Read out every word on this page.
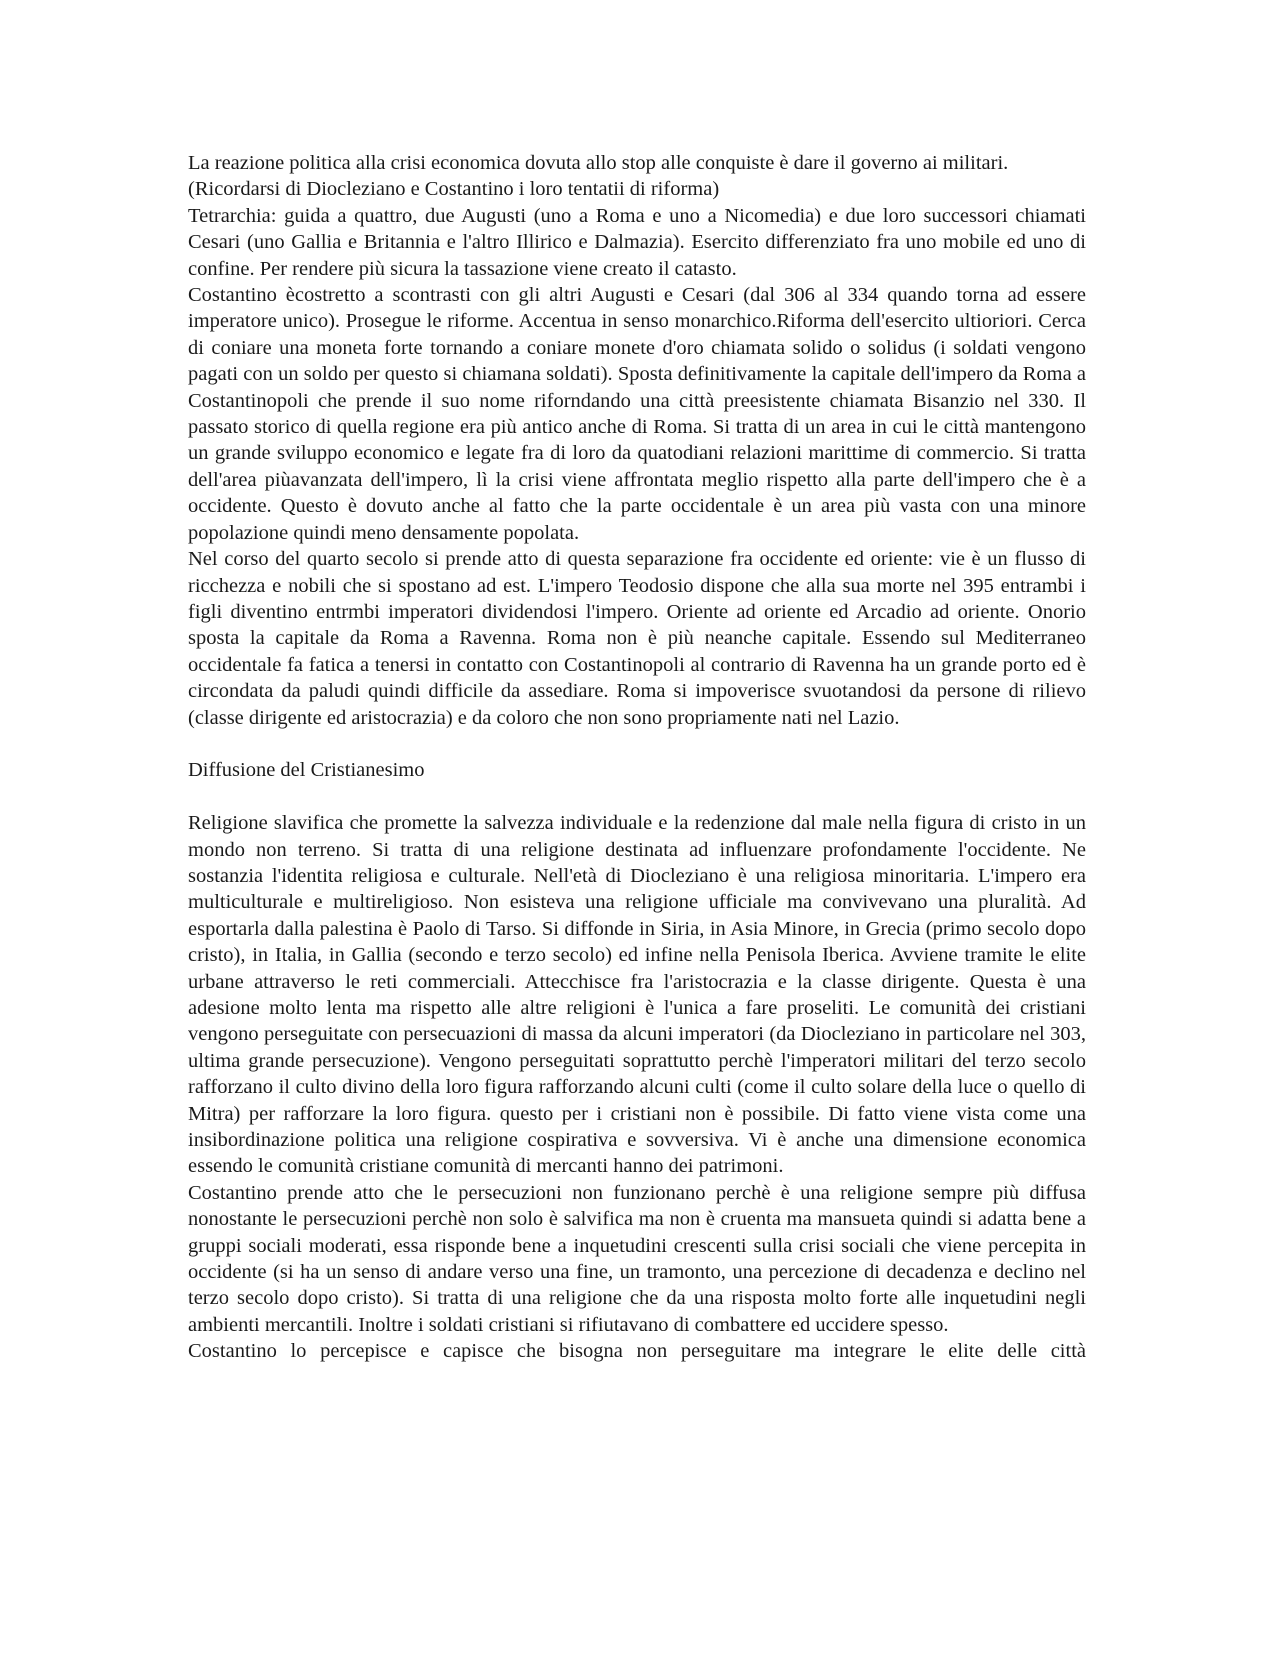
La reazione politica alla crisi economica dovuta allo stop alle conquiste è dare il governo ai militari.

(Ricordarsi di Diocleziano e Costantino i loro tentatii di riforma)

Tetrarchia: guida a quattro, due Augusti (uno a Roma e uno a Nicomedia) e due loro successori chiamati Cesari (uno Gallia e Britannia e l'altro Illirico e Dalmazia). Esercito differenziato fra uno mobile ed uno di confine. Per rendere più sicura la tassazione viene creato il catasto.

Costantino ècostretto a scontrasti con gli altri Augusti e Cesari (dal 306 al 334 quando torna ad essere imperatore unico). Prosegue le riforme. Accentua in senso monarchico.Riforma dell'esercito ultioriori. Cerca di coniare una moneta forte tornando a coniare monete d'oro chiamata solido o solidus (i soldati vengono pagati con un soldo per questo si chiamana soldati). Sposta definitivamente la capitale dell'impero da Roma a Costantinopoli che prende il suo nome riforndando una città preesistente chiamata Bisanzio nel 330. Il passato storico di quella regione era più antico anche di Roma. Si tratta di un area in cui le città mantengono un grande sviluppo economico e legate fra di loro da quatodiani relazioni marittime di commercio. Si tratta dell'area piùavanzata dell'impero, lì la crisi viene affrontata meglio rispetto alla parte dell'impero che è a occidente. Questo è dovuto anche al fatto che la parte occidentale è un area più vasta con una minore popolazione quindi meno densamente popolata.

Nel corso del quarto secolo si prende atto di questa separazione fra occidente ed oriente: vie è un flusso di ricchezza e nobili che si spostano ad est. L'impero Teodosio dispone che alla sua morte nel 395 entrambi i figli diventino entrmbi imperatori dividendosi l'impero. Oriente ad oriente ed Arcadio ad oriente. Onorio sposta la capitale da Roma a Ravenna. Roma non è più neanche capitale. Essendo sul Mediterraneo occidentale fa fatica a tenersi in contatto con Costantinopoli al contrario di Ravenna ha un grande porto ed è circondata da paludi quindi difficile da assediare. Roma si impoverisce svuotandosi da persone di rilievo (classe dirigente ed aristocrazia) e da coloro che non sono propriamente nati nel Lazio.

Diffusione del Cristianesimo

Religione slavifica che promette la salvezza individuale e la redenzione dal male nella figura di cristo in un mondo non terreno. Si tratta di una religione destinata ad influenzare profondamente l'occidente. Ne sostanzia l'identita religiosa e culturale. Nell'età di Diocleziano è una religiosa minoritaria. L'impero era multiculturale e multireligioso. Non esisteva una religione ufficiale ma convivevano una pluralità. Ad esportarla dalla palestina è Paolo di Tarso. Si diffonde in Siria, in Asia Minore, in Grecia (primo secolo dopo cristo), in Italia, in Gallia (secondo e terzo secolo) ed infine nella Penisola Iberica. Avviene tramite le elite urbane attraverso le reti commerciali. Attecchisce fra l'aristocrazia e la classe dirigente. Questa è una adesione molto lenta ma rispetto alle altre religioni è l'unica a fare proseliti. Le comunità dei cristiani vengono perseguitate con persecuazioni di massa da alcuni imperatori (da Diocleziano in particolare nel 303, ultima grande persecuzione). Vengono perseguitati soprattutto perchè l'imperatori militari del terzo secolo rafforzano il culto divino della loro figura rafforzando alcuni culti (come il culto solare della luce o quello di Mitra) per rafforzare la loro figura. questo per i cristiani non è possibile. Di fatto viene vista come una insibordinazione politica una religione cospirativa e sovversiva. Vi è anche una dimensione economica essendo le comunità cristiane comunità di mercanti hanno dei patrimoni.

Costantino prende atto che le persecuzioni non funzionano perchè è una religione sempre più diffusa nonostante le persecuzioni perchè non solo è salvifica ma non è cruenta ma mansueta quindi si adatta bene a gruppi sociali moderati, essa risponde bene a inquetudini crescenti sulla crisi sociali che viene percepita in occidente (si ha un senso di andare verso una fine, un tramonto, una percezione di decadenza e declino nel terzo secolo dopo cristo). Si tratta di una religione che da una risposta molto forte alle inquetudini negli ambienti mercantili. Inoltre i soldati cristiani si rifiutavano di combattere ed uccidere spesso.

Costantino lo percepisce e capisce che bisogna non perseguitare ma integrare le elite delle città
